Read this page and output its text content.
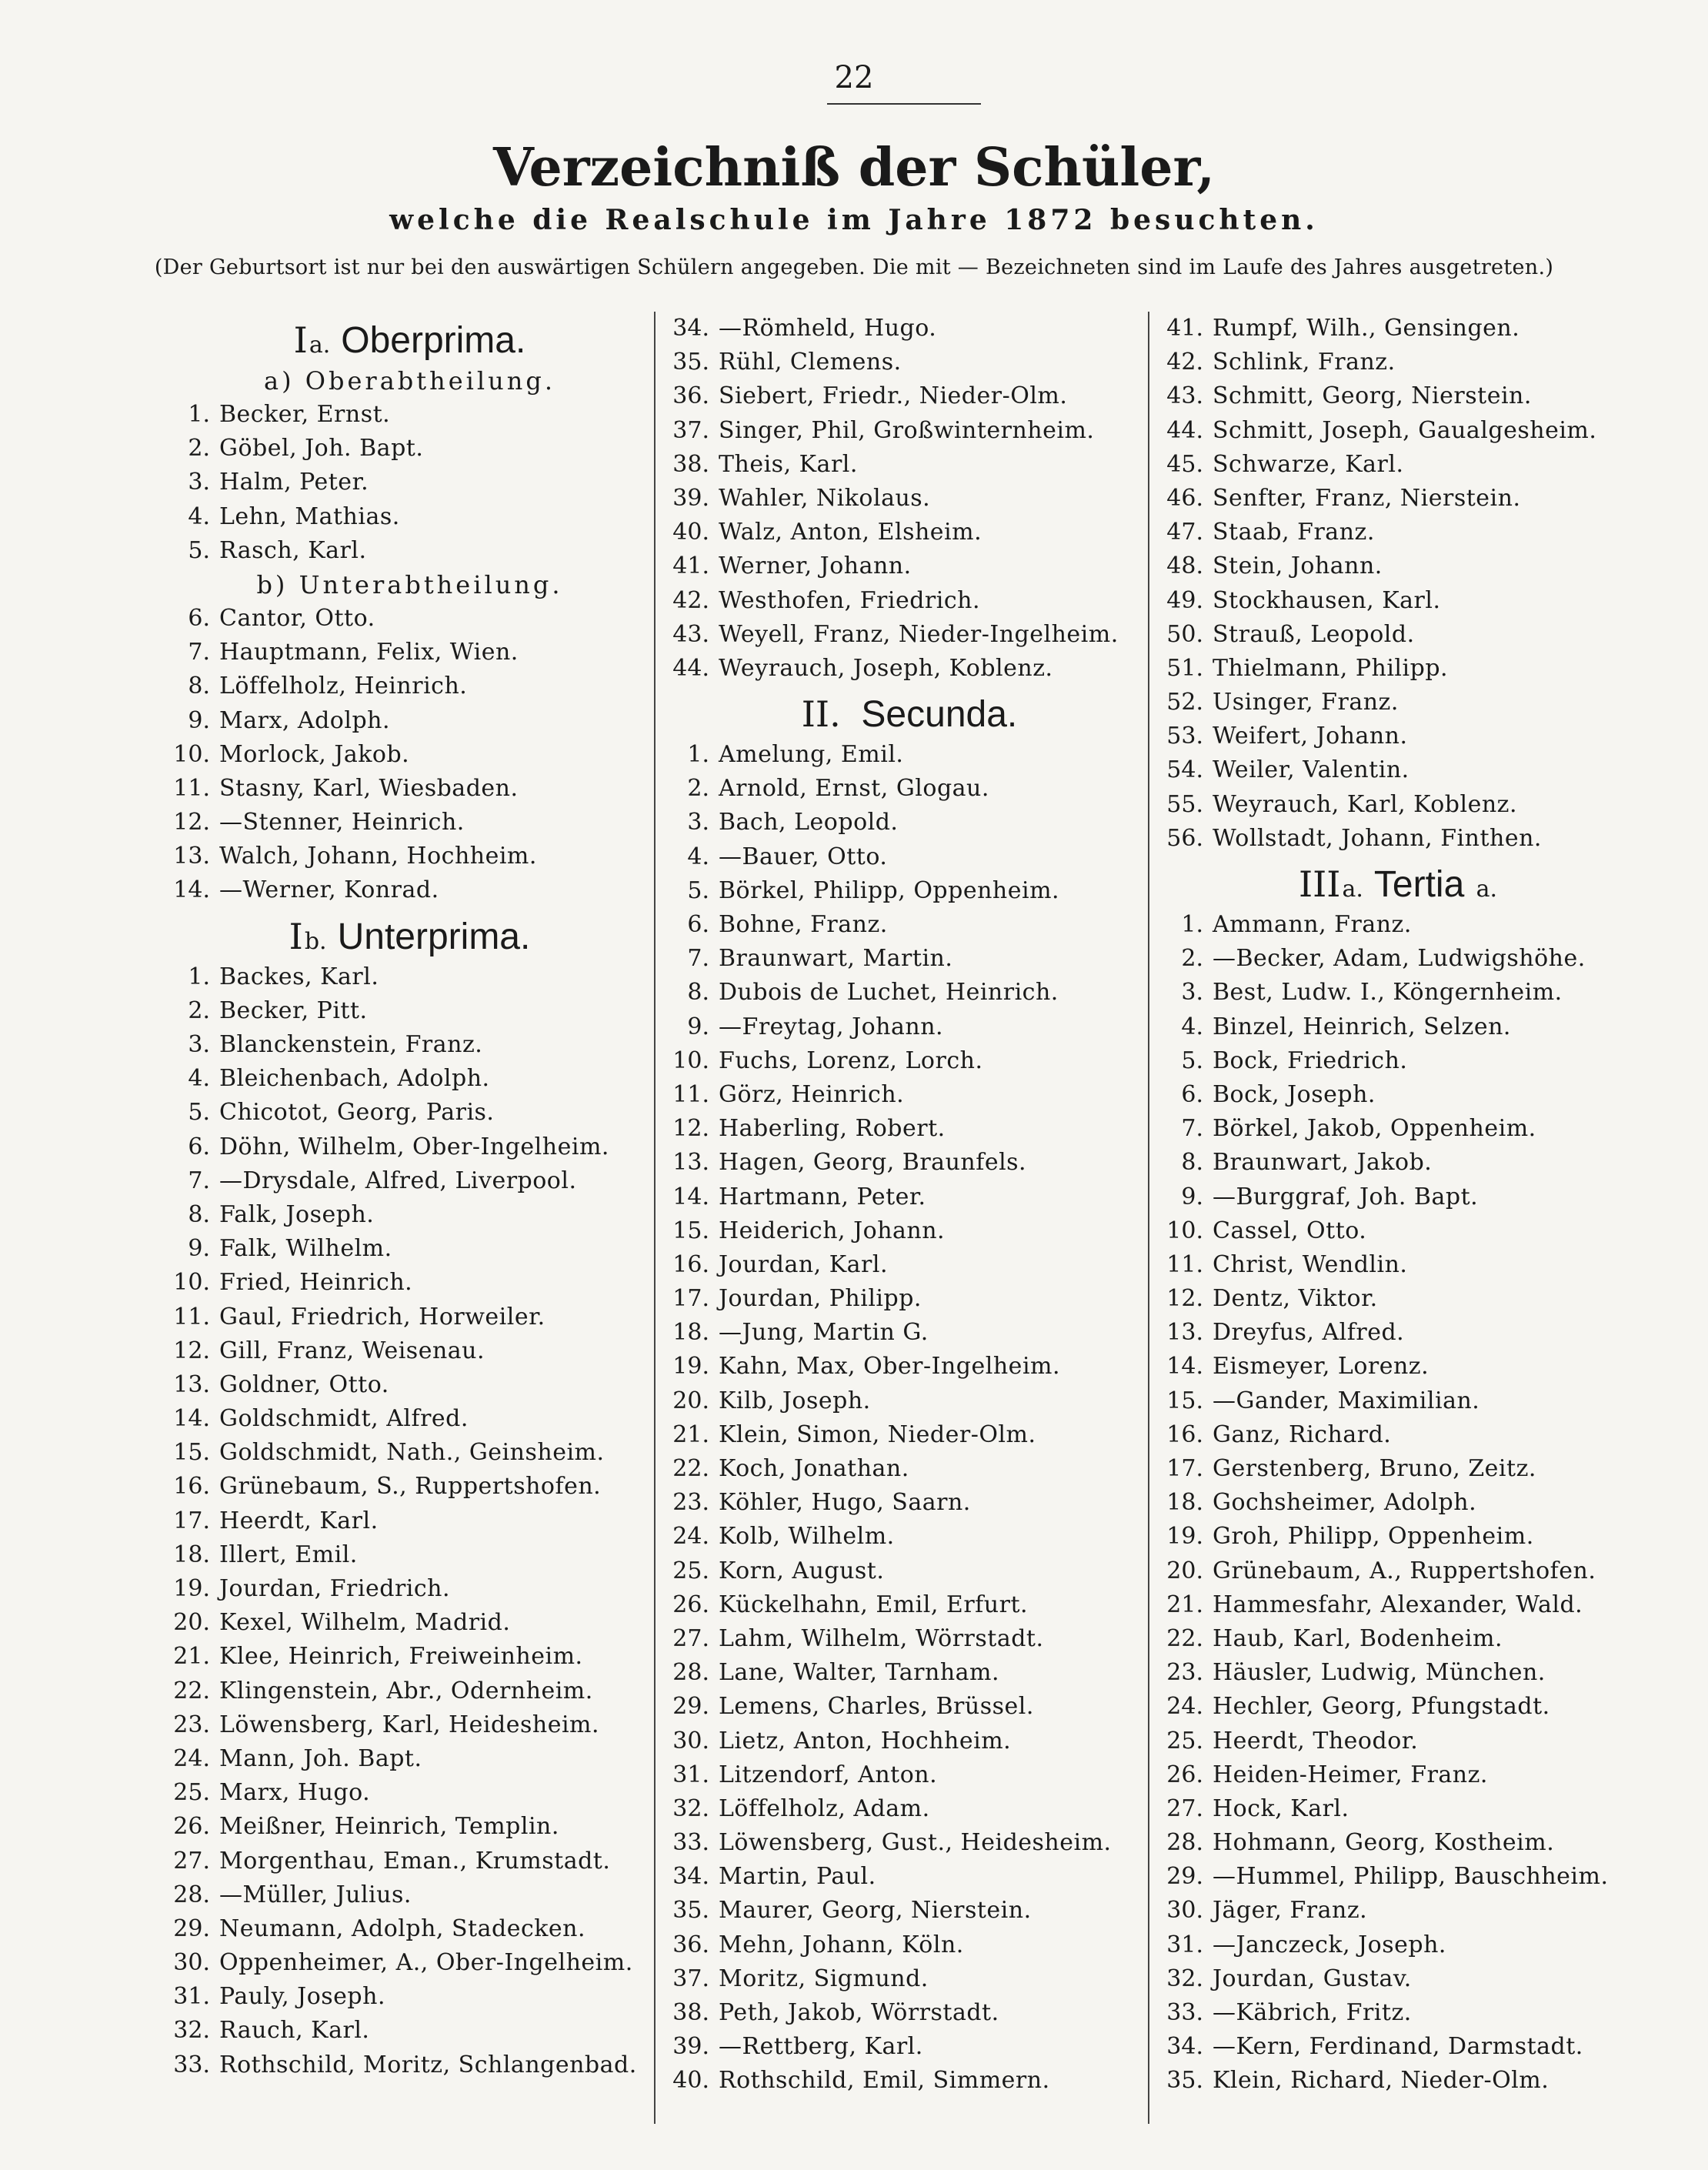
22
Verzeichniß der Schüler,
welche die Realschule im Jahre 1872 besuchten.
(Der Geburtsort ist nur bei den auswärtigen Schülern angegeben. Die mit — Bezeichneten sind im Laufe des Jahres ausgetreten.)
Ia. Oberprima.
a) Oberabtheilung.
1. Becker, Ernst.
2. Göbel, Joh. Bapt.
3. Halm, Peter.
4. Lehn, Mathias.
5. Rasch, Karl.
b) Unterabtheilung.
6. Cantor, Otto.
7. Hauptmann, Felix, Wien.
8. Löffelholz, Heinrich.
9. Marx, Adolph.
10. Morlock, Jakob.
11. Stasny, Karl, Wiesbaden.
12. —Stenner, Heinrich.
13. Walch, Johann, Hochheim.
14. —Werner, Konrad.
Ib. Unterprima.
1. Backes, Karl.
2. Becker, Pitt.
3. Blanckenstein, Franz.
4. Bleichenbach, Adolph.
5. Chicotot, Georg, Paris.
6. Döhn, Wilhelm, Ober-Ingelheim.
7. —Drysdale, Alfred, Liverpool.
8. Falk, Joseph.
9. Falk, Wilhelm.
10. Fried, Heinrich.
11. Gaul, Friedrich, Horweiler.
12. Gill, Franz, Weisenau.
13. Goldner, Otto.
14. Goldschmidt, Alfred.
15. Goldschmidt, Nath., Geinsheim.
16. Grünebaum, S., Ruppertshofen.
17. Heerdt, Karl.
18. Illert, Emil.
19. Jourdan, Friedrich.
20. Kexel, Wilhelm, Madrid.
21. Klee, Heinrich, Freiweinheim.
22. Klingenstein, Abr., Odernheim.
23. Löwensberg, Karl, Heidesheim.
24. Mann, Joh. Bapt.
25. Marx, Hugo.
26. Meißner, Heinrich, Templin.
27. Morgenthau, Eman., Krumstadt.
28. —Müller, Julius.
29. Neumann, Adolph, Stadecken.
30. Oppenheimer, A., Ober-Ingelheim.
31. Pauly, Joseph.
32. Rauch, Karl.
33. Rothschild, Moritz, Schlangenbad.
34. —Römheld, Hugo.
35. Rühl, Clemens.
36. Siebert, Friedr., Nieder-Olm.
37. Singer, Phil, Großwinternheim.
38. Theis, Karl.
39. Wahler, Nikolaus.
40. Walz, Anton, Elsheim.
41. Werner, Johann.
42. Westhofen, Friedrich.
43. Weyell, Franz, Nieder-Ingelheim.
44. Weyrauch, Joseph, Koblenz.
II. Secunda.
1. Amelung, Emil.
2. Arnold, Ernst, Glogau.
3. Bach, Leopold.
4. —Bauer, Otto.
5. Börkel, Philipp, Oppenheim.
6. Bohne, Franz.
7. Braunwart, Martin.
8. Dubois de Luchet, Heinrich.
9. —Freytag, Johann.
10. Fuchs, Lorenz, Lorch.
11. Görz, Heinrich.
12. Haberling, Robert.
13. Hagen, Georg, Braunfels.
14. Hartmann, Peter.
15. Heiderich, Johann.
16. Jourdan, Karl.
17. Jourdan, Philipp.
18. —Jung, Martin G.
19. Kahn, Max, Ober-Ingelheim.
20. Kilb, Joseph.
21. Klein, Simon, Nieder-Olm.
22. Koch, Jonathan.
23. Köhler, Hugo, Saarn.
24. Kolb, Wilhelm.
25. Korn, August.
26. Kückelhahn, Emil, Erfurt.
27. Lahm, Wilhelm, Wörrstadt.
28. Lane, Walter, Tarnham.
29. Lemens, Charles, Brüssel.
30. Lietz, Anton, Hochheim.
31. Litzendorf, Anton.
32. Löffelholz, Adam.
33. Löwensberg, Gust., Heidesheim.
34. Martin, Paul.
35. Maurer, Georg, Nierstein.
36. Mehn, Johann, Köln.
37. Moritz, Sigmund.
38. Peth, Jakob, Wörrstadt.
39. —Rettberg, Karl.
40. Rothschild, Emil, Simmern.
41. Rumpf, Wilh., Gensingen.
42. Schlink, Franz.
43. Schmitt, Georg, Nierstein.
44. Schmitt, Joseph, Gaualgesheim.
45. Schwarze, Karl.
46. Senfter, Franz, Nierstein.
47. Staab, Franz.
48. Stein, Johann.
49. Stockhausen, Karl.
50. Strauß, Leopold.
51. Thielmann, Philipp.
52. Usinger, Franz.
53. Weifert, Johann.
54. Weiler, Valentin.
55. Weyrauch, Karl, Koblenz.
56. Wollstadt, Johann, Finthen.
IIIa. Tertia a.
1. Ammann, Franz.
2. —Becker, Adam, Ludwigshöhe.
3. Best, Ludw. I., Köngernheim.
4. Binzel, Heinrich, Selzen.
5. Bock, Friedrich.
6. Bock, Joseph.
7. Börkel, Jakob, Oppenheim.
8. Braunwart, Jakob.
9. —Burggraf, Joh. Bapt.
10. Cassel, Otto.
11. Christ, Wendlin.
12. Dentz, Viktor.
13. Dreyfus, Alfred.
14. Eismeyer, Lorenz.
15. —Gander, Maximilian.
16. Ganz, Richard.
17. Gerstenberg, Bruno, Zeitz.
18. Gochsheimer, Adolph.
19. Groh, Philipp, Oppenheim.
20. Grünebaum, A., Ruppertshofen.
21. Hammesfahr, Alexander, Wald.
22. Haub, Karl, Bodenheim.
23. Häusler, Ludwig, München.
24. Hechler, Georg, Pfungstadt.
25. Heerdt, Theodor.
26. Heiden-Heimer, Franz.
27. Hock, Karl.
28. Hohmann, Georg, Kostheim.
29. —Hummel, Philipp, Bauschheim.
30. Jäger, Franz.
31. —Janczeck, Joseph.
32. Jourdan, Gustav.
33. —Käbrich, Fritz.
34. —Kern, Ferdinand, Darmstadt.
35. Klein, Richard, Nieder-Olm.
